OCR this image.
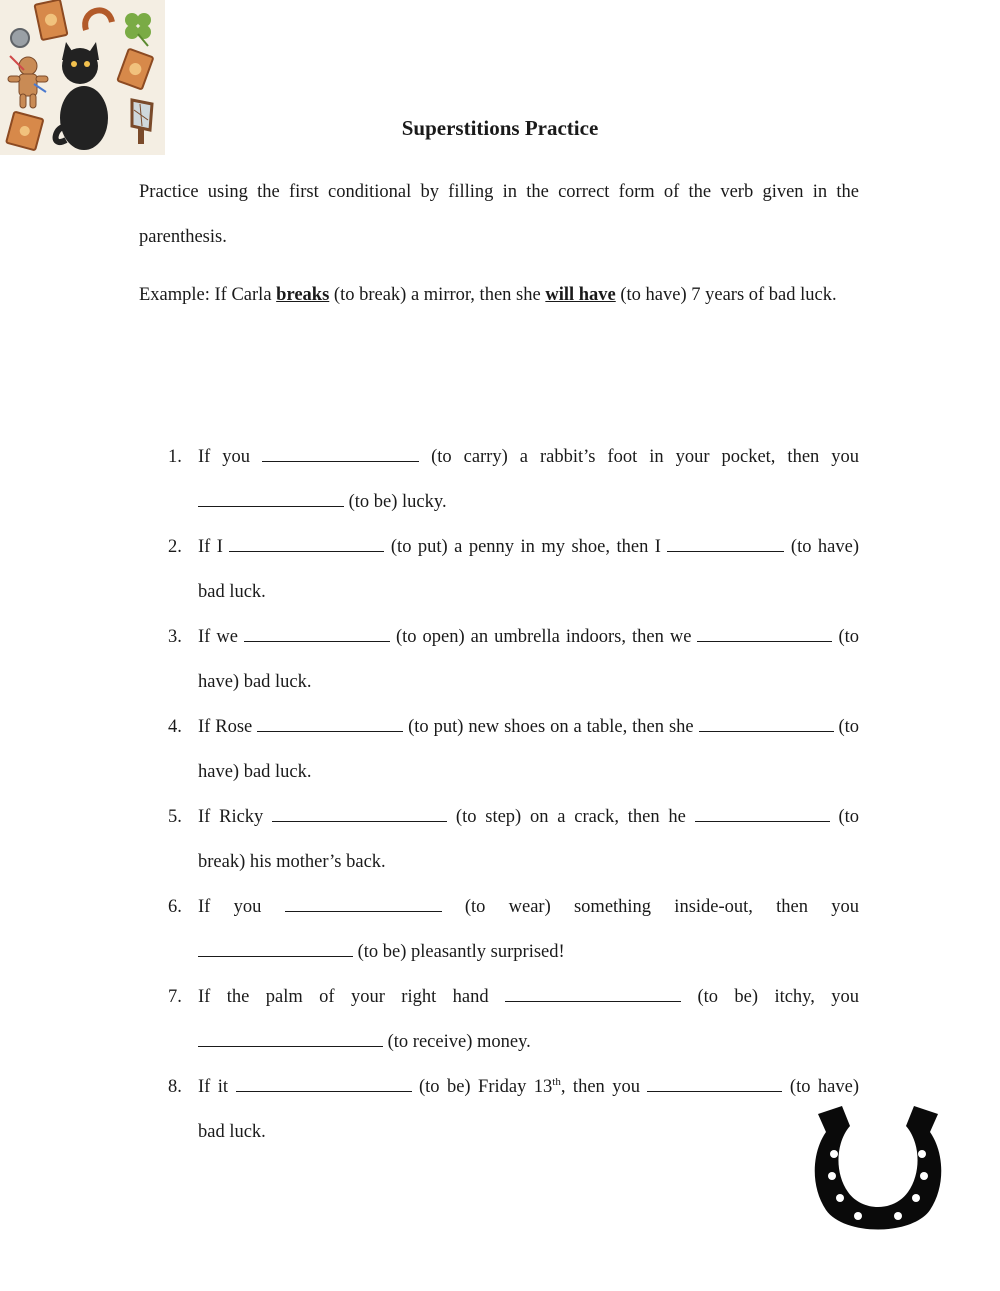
Superstitions Practice

Practice using the first conditional by filling in the correct form of the verb given in the parenthesis.

Example: If Carla breaks (to break) a mirror, then she will have (to have) 7 years of bad luck.

1. If you	(to carry) a rabbit’s foot in your pocket, then you
(to be) lucky.
2. If I	(to put) a penny in my shoe, then I	(to have) bad luck.
3. If we	(to open) an umbrella indoors, then we	(to have) bad luck.
4. If Rose	(to put) new shoes on a table, then she	(to have) bad luck.
5. If Ricky	(to step) on a crack, then he	(to break) his mother’s back.
6. If you	(to wear) something inside-out, then you
(to be) pleasantly surprised!
7. If the palm of your right hand	(to be) itchy, you
(to receive) money.
8. If it	(to be) Friday 13th, then you	(to have) bad luck.
